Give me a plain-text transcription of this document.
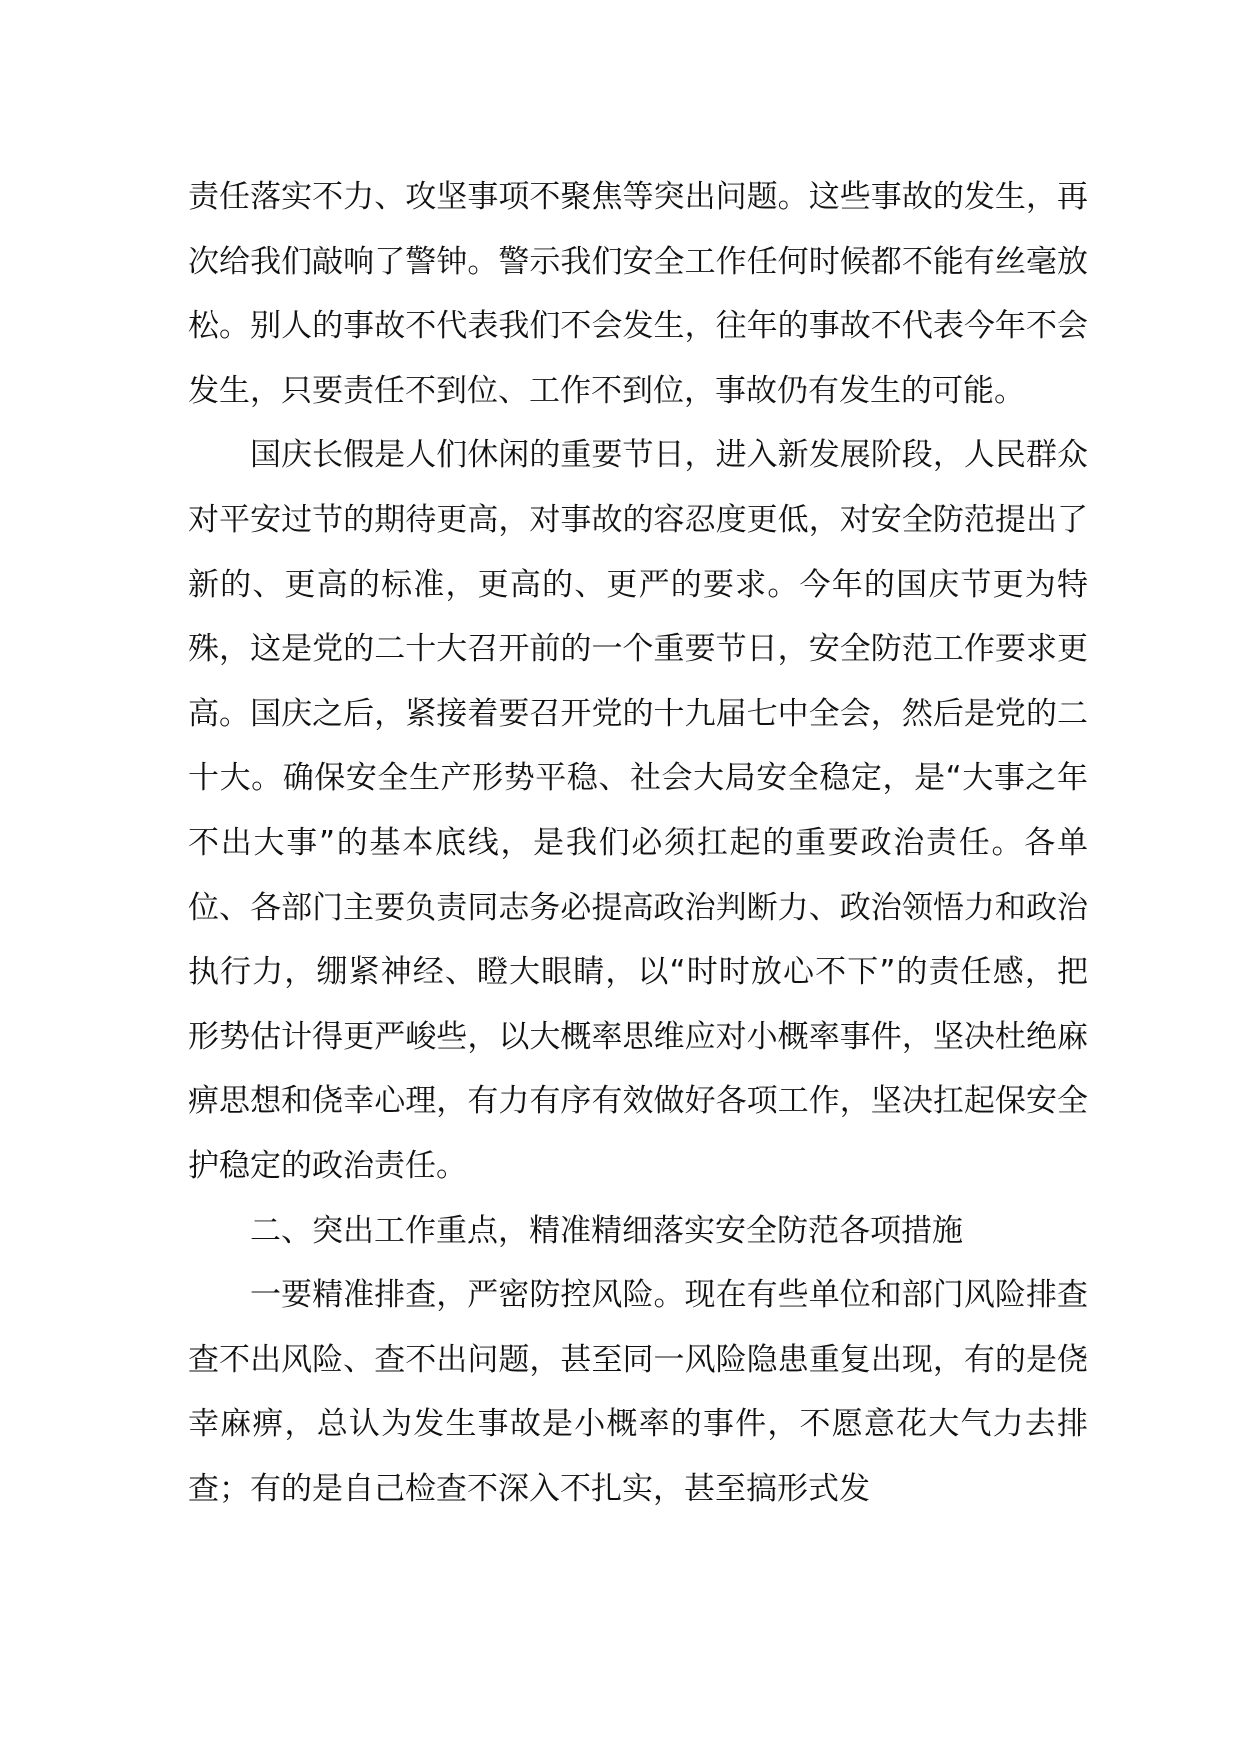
责任落实不力、攻坚事项不聚焦等突出问题。这些事故的发生，再次给我们敲响了警钟。警示我们安全工作任何时候都不能有丝毫放松。别人的事故不代表我们不会发生，往年的事故不代表今年不会发生，只要责任不到位、工作不到位，事故仍有发生的可能。

国庆长假是人们休闲的重要节日，进入新发展阶段，人民群众对平安过节的期待更高，对事故的容忍度更低，对安全防范提出了新的、更高的标准，更高的、更严的要求。今年的国庆节更为特殊，这是党的二十大召开前的一个重要节日，安全防范工作要求更高。国庆之后，紧接着要召开党的十九届七中全会，然后是党的二十大。确保安全生产形势平稳、社会大局安全稳定，是“大事之年不出大事”的基本底线，是我们必须扛起的重要政治责任。各单位、各部门主要负责同志务必提高政治判断力、政治领悟力和政治执行力，绷紧神经、瞪大眼睛，以“时时放心不下”的责任感，把形势估计得更严峻些，以大概率思维应对小概率事件，坚决杜绝麻痹思想和侥幸心理，有力有序有效做好各项工作，坚决扛起保安全护稳定的政治责任。

二、突出工作重点，精准精细落实安全防范各项措施

一要精准排查，严密防控风险。现在有些单位和部门风险排查查不出风险、查不出问题，甚至同一风险隐患重复出现，有的是侥幸麻痹，总认为发生事故是小概率的事件，不愿意花大气力去排查；有的是自己检查不深入不扎实，甚至搞形式发
